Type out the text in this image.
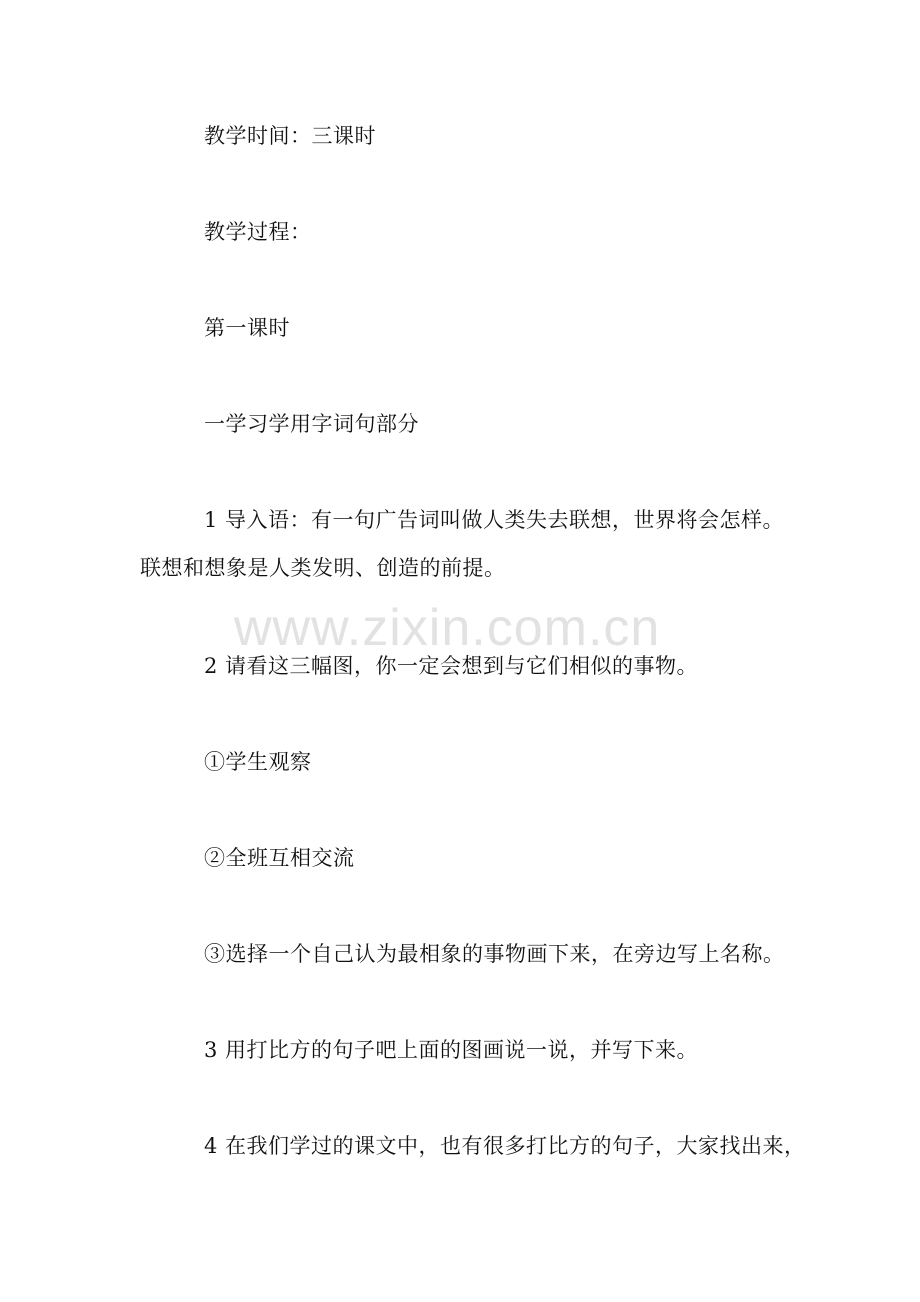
www.zixin.com.cn
教学时间：三课时
教学过程：
第一课时
一学习学用字词句部分
1 导入语：有一句广告词叫做人类失去联想，世界将会怎样。
联想和想象是人类发明、创造的前提。
2 请看这三幅图，你一定会想到与它们相似的事物。
①学生观察
②全班互相交流
③选择一个自己认为最相象的事物画下来，在旁边写上名称。
3 用打比方的句子吧上面的图画说一说，并写下来。
4 在我们学过的课文中，也有很多打比方的句子，大家找出来，
